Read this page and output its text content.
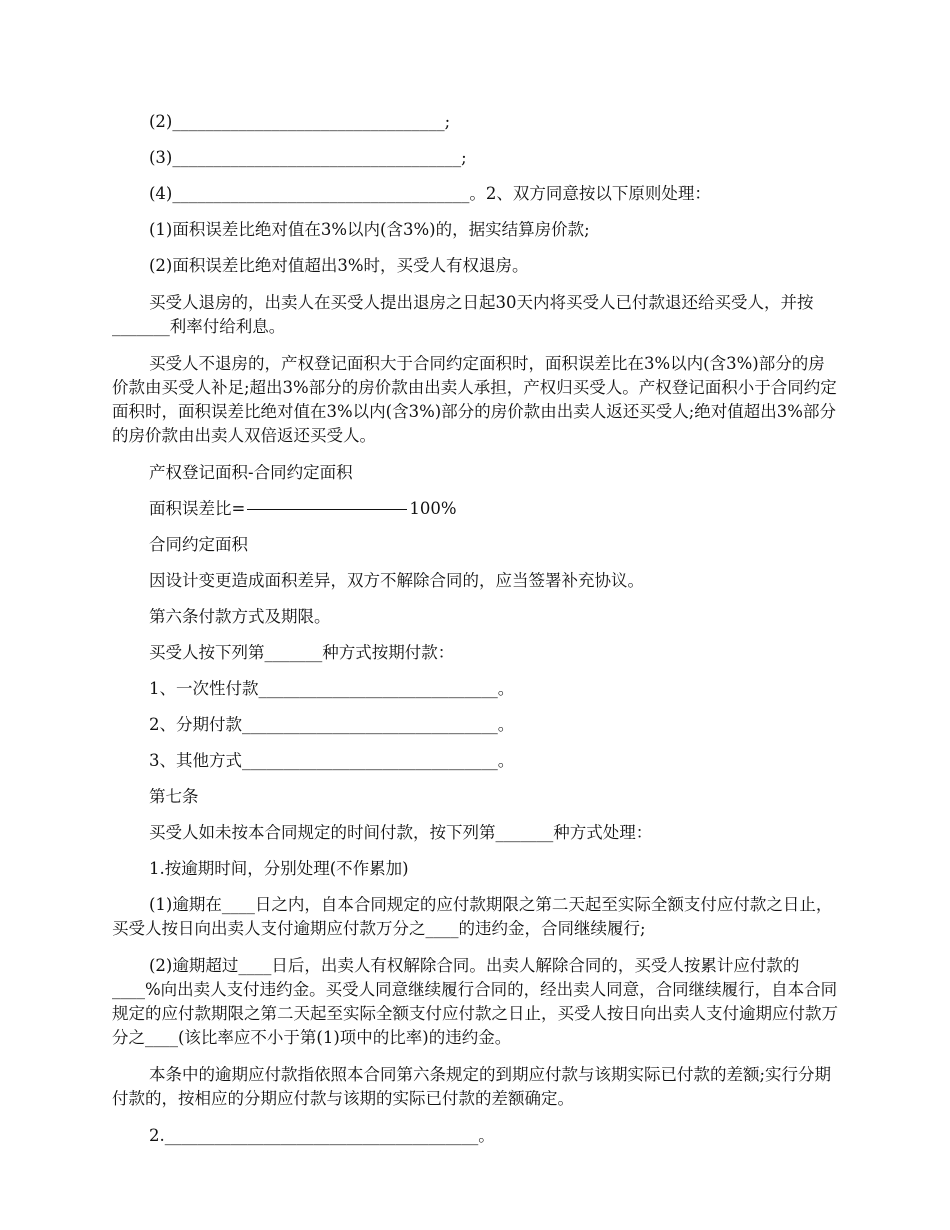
(2)_________________________________;

(3)___________________________________;

(4)____________________________________。2、双方同意按以下原则处理：

(1)面积误差比绝对值在3%以内(含3%)的，据实结算房价款;

(2)面积误差比绝对值超出3%时，买受人有权退房。

买受人退房的，出卖人在买受人提出退房之日起30天内将买受人已付款退还给买受人，并按_______利率付给利息。

买受人不退房的，产权登记面积大于合同约定面积时，面积误差比在3%以内(含3%)部分的房价款由买受人补足;超出3%部分的房价款由出卖人承担，产权归买受人。产权登记面积小于合同约定面积时，面积误差比绝对值在3%以内(含3%)部分的房价款由出卖人返还买受人;绝对值超出3%部分的房价款由出卖人双倍返还买受人。

产权登记面积-合同约定面积

面积误差比=	100%

合同约定面积

因设计变更造成面积差异，双方不解除合同的，应当签署补充协议。

第六条付款方式及期限。

买受人按下列第_______种方式按期付款：

1、一次性付款_____________________________。

2、分期付款_______________________________。

3、其他方式_______________________________。

第七条

买受人如未按本合同规定的时间付款，按下列第_______种方式处理：

1.按逾期时间，分别处理(不作累加)

(1)逾期在____日之内，自本合同规定的应付款期限之第二天起至实际全额支付应付款之日止，买受人按日向出卖人支付逾期应付款万分之____的违约金，合同继续履行;

(2)逾期超过____日后，出卖人有权解除合同。出卖人解除合同的，买受人按累计应付款的____%向出卖人支付违约金。买受人同意继续履行合同的，经出卖人同意，合同继续履行，自本合同规定的应付款期限之第二天起至实际全额支付应付款之日止，买受人按日向出卖人支付逾期应付款万分之____(该比率应不小于第(1)项中的比率)的违约金。

本条中的逾期应付款指依照本合同第六条规定的到期应付款与该期实际已付款的差额;实行分期付款的，按相应的分期应付款与该期的实际已付款的差额确定。

2.______________________________________。
